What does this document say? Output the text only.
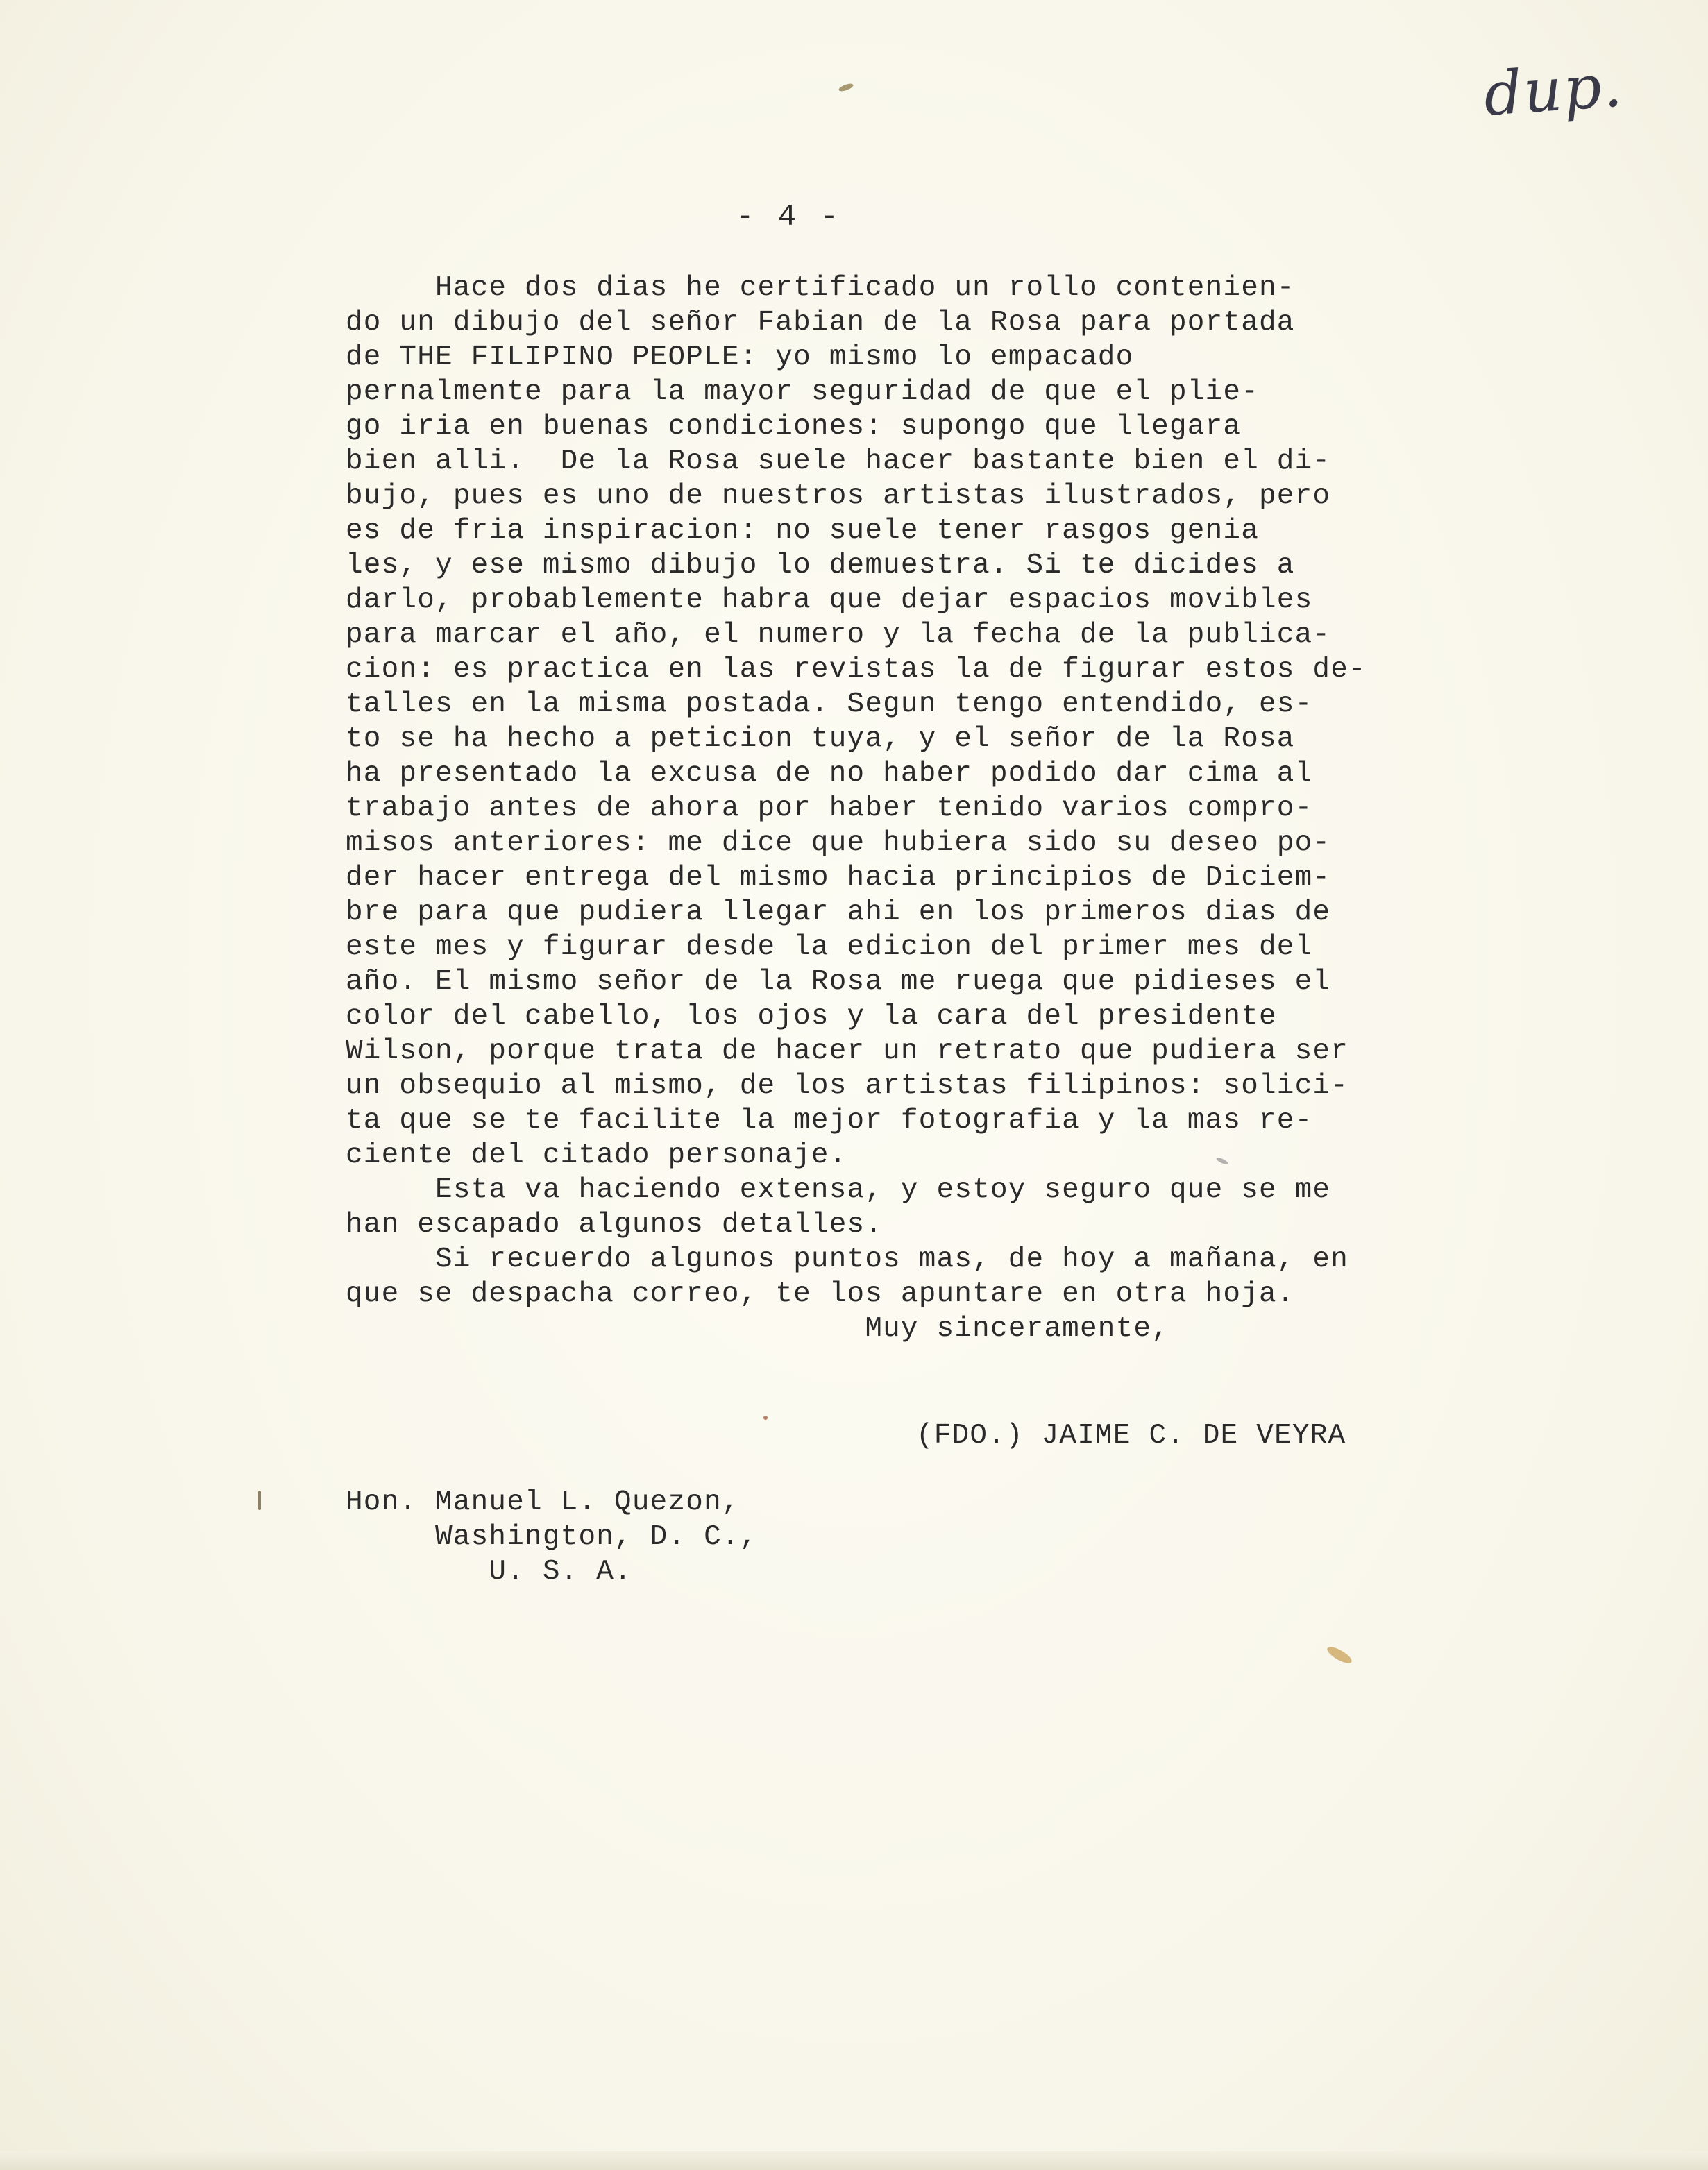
dup.
- 4 -
Hace dos dias he certificado un rollo contenien-
do un dibujo del señor Fabian de la Rosa para portada
de THE FILIPINO PEOPLE: yo mismo lo empacado
pernalmente para la mayor seguridad de que el plie-
go iria en buenas condiciones: supongo que llegara
bien alli.  De la Rosa suele hacer bastante bien el di-
bujo, pues es uno de nuestros artistas ilustrados, pero
es de fria inspiracion: no suele tener rasgos genia
les, y ese mismo dibujo lo demuestra. Si te dicides a
darlo, probablemente habra que dejar espacios movibles
para marcar el año, el numero y la fecha de la publica-
cion: es practica en las revistas la de figurar estos de-
talles en la misma postada. Segun tengo entendido, es-
to se ha hecho a peticion tuya, y el señor de la Rosa
ha presentado la excusa de no haber podido dar cima al
trabajo antes de ahora por haber tenido varios compro-
misos anteriores: me dice que hubiera sido su deseo po-
der hacer entrega del mismo hacia principios de Diciem-
bre para que pudiera llegar ahi en los primeros dias de
este mes y figurar desde la edicion del primer mes del
año. El mismo señor de la Rosa me ruega que pidieses el
color del cabello, los ojos y la cara del presidente
Wilson, porque trata de hacer un retrato que pudiera ser
un obsequio al mismo, de los artistas filipinos: solici-
ta que se te facilite la mejor fotografia y la mas re-
ciente del citado personaje.
Esta va haciendo extensa, y estoy seguro que se me
han escapado algunos detalles.
Si recuerdo algunos puntos mas, de hoy a mañana, en
que se despacha correo, te los apuntare en otra hoja.
Muy sinceramente,
(FDO.) JAIME C. DE VEYRA
Hon. Manuel L. Quezon,
Washington, D. C.,
U. S. A.
